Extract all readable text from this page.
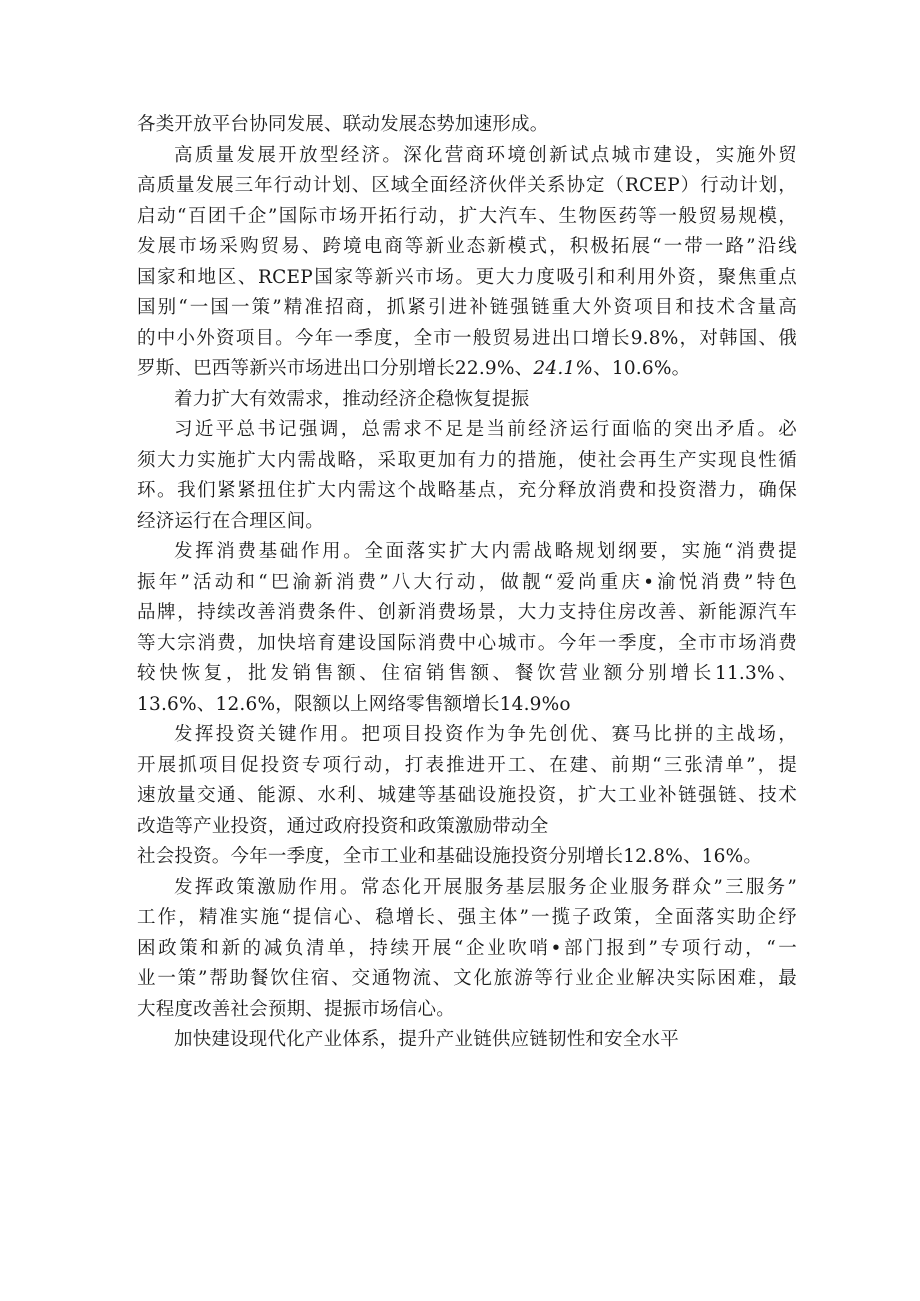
各类开放平台协同发展、联动发展态势加速形成。
高质量发展开放型经济。深化营商环境创新试点城市建设，实施外贸
高质量发展三年行动计划、区域全面经济伙伴关系协定（RCEP）行动计划，
启动“百团千企”国际市场开拓行动，扩大汽车、生物医药等一般贸易规模，
发展市场采购贸易、跨境电商等新业态新模式，积极拓展“一带一路”沿线
国家和地区、RCEP国家等新兴市场。更大力度吸引和利用外资，聚焦重点
国别“一国一策”精准招商，抓紧引进补链强链重大外资项目和技术含量高
的中小外资项目。今年一季度，全市一般贸易进出口增长9.8%，对韩国、俄
罗斯、巴西等新兴市场进出口分别增长22.9%、24.1%、10.6%。
着力扩大有效需求，推动经济企稳恢复提振
习近平总书记强调，总需求不足是当前经济运行面临的突出矛盾。必
须大力实施扩大内需战略，采取更加有力的措施，使社会再生产实现良性循
环。我们紧紧扭住扩大内需这个战略基点，充分释放消费和投资潜力，确保
经济运行在合理区间。
发挥消费基础作用。全面落实扩大内需战略规划纲要，实施“消费提
振年”活动和“巴渝新消费”八大行动，做靓“爱尚重庆•渝悦消费”特色
品牌，持续改善消费条件、创新消费场景，大力支持住房改善、新能源汽车
等大宗消费，加快培育建设国际消费中心城市。今年一季度，全市市场消费
较快恢复，批发销售额、住宿销售额、餐饮营业额分别增长11.3%、
13.6%、12.6%，限额以上网络零售额增长14.9%o
发挥投资关键作用。把项目投资作为争先创优、赛马比拼的主战场，
开展抓项目促投资专项行动，打表推进开工、在建、前期“三张清单”，提
速放量交通、能源、水利、城建等基础设施投资，扩大工业补链强链、技术
改造等产业投资，通过政府投资和政策激励带动全
社会投资。今年一季度，全市工业和基础设施投资分别增长12.8%、16%。
发挥政策激励作用。常态化开展服务基层服务企业服务群众”三服务”
工作，精准实施“提信心、稳增长、强主体”一揽子政策，全面落实助企纾
困政策和新的减负清单，持续开展“企业吹哨•部门报到”专项行动，“一
业一策”帮助餐饮住宿、交通物流、文化旅游等行业企业解决实际困难，最
大程度改善社会预期、提振市场信心。
加快建设现代化产业体系，提升产业链供应链韧性和安全水平
